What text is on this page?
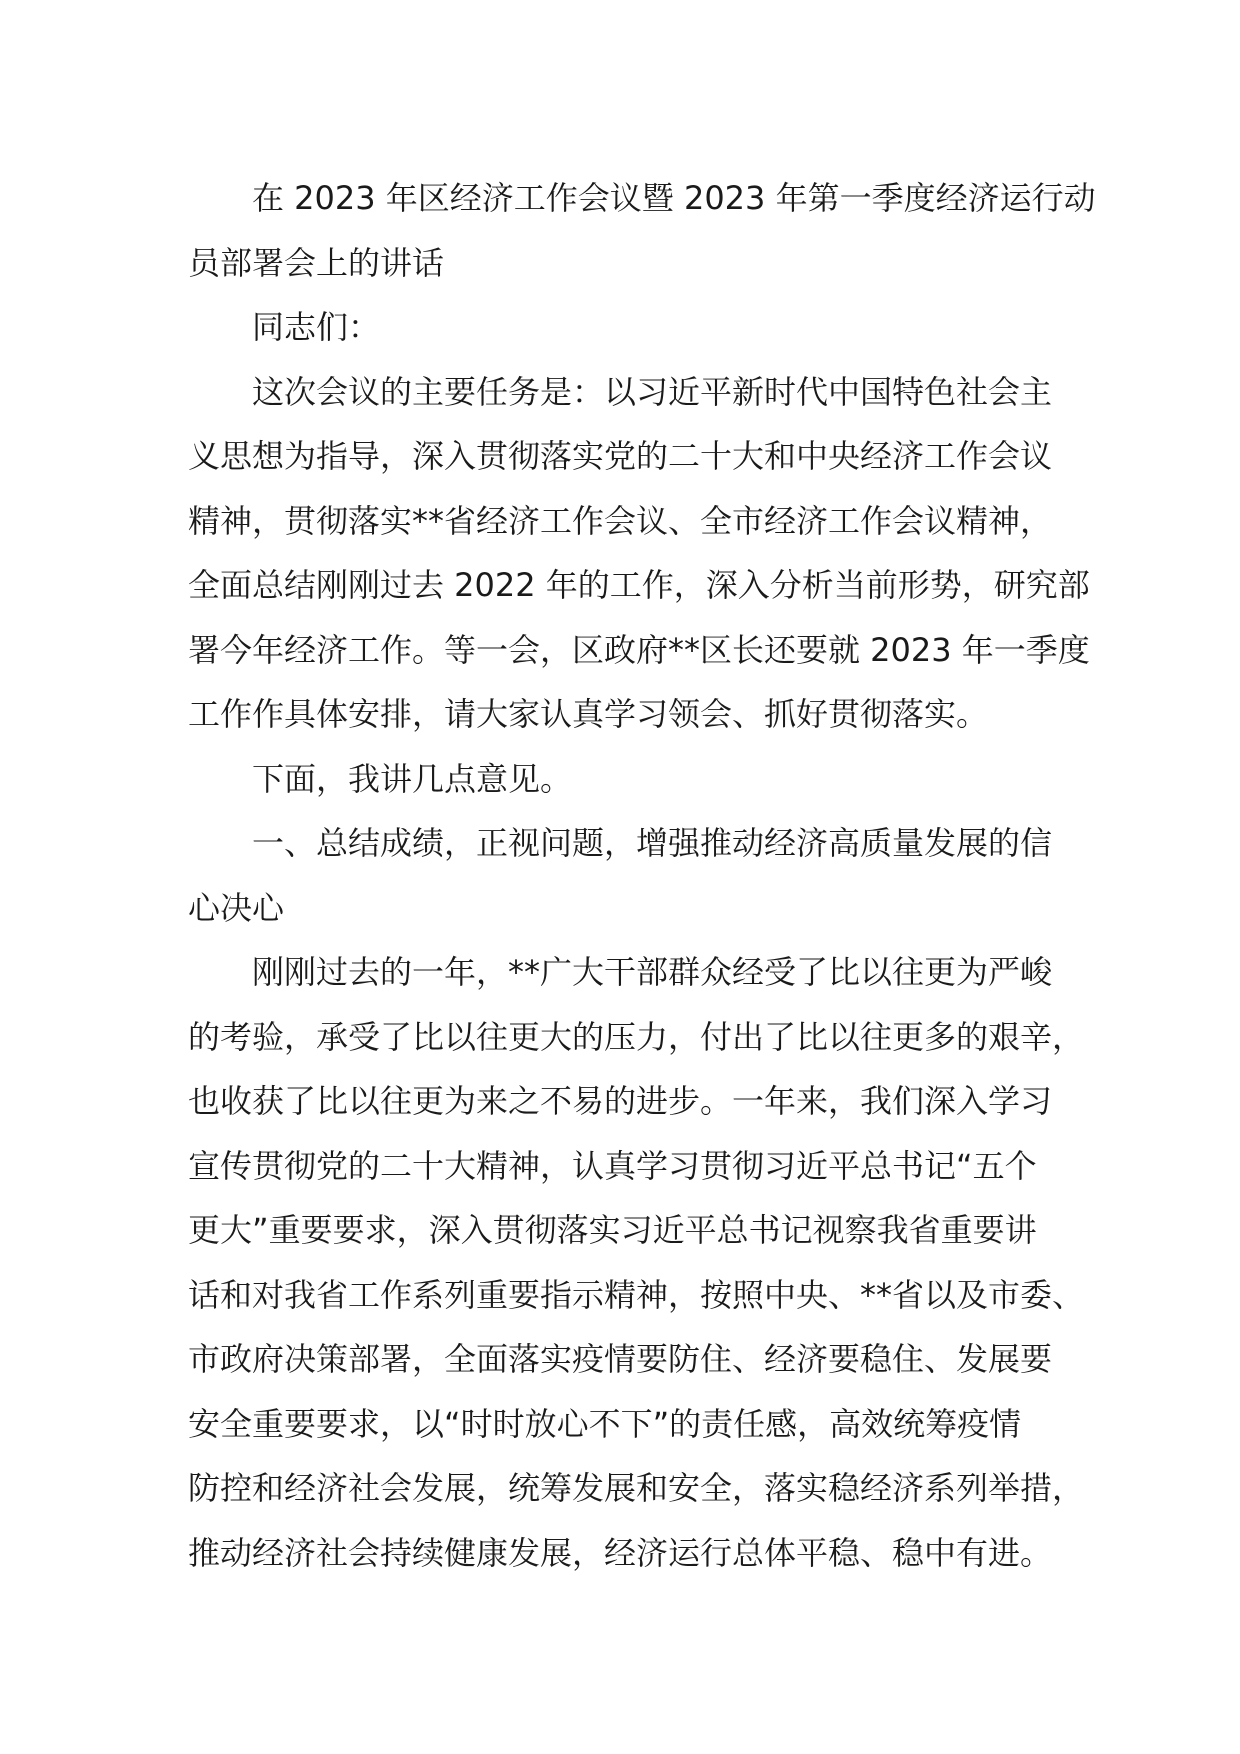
在 2023 年区经济工作会议暨 2023 年第一季度经济运行动
员部署会上的讲话
同志们：
这次会议的主要任务是：以习近平新时代中国特色社会主
义思想为指导，深入贯彻落实党的二十大和中央经济工作会议
精神，贯彻落实**省经济工作会议、全市经济工作会议精神，
全面总结刚刚过去 2022 年的工作，深入分析当前形势，研究部
署今年经济工作。等一会，区政府**区长还要就 2023 年一季度
工作作具体安排，请大家认真学习领会、抓好贯彻落实。
下面，我讲几点意见。
一、总结成绩，正视问题，增强推动经济高质量发展的信
心决心
刚刚过去的一年，**广大干部群众经受了比以往更为严峻
的考验，承受了比以往更大的压力，付出了比以往更多的艰辛，
也收获了比以往更为来之不易的进步。一年来，我们深入学习
宣传贯彻党的二十大精神，认真学习贯彻习近平总书记“五个
更大”重要要求，深入贯彻落实习近平总书记视察我省重要讲
话和对我省工作系列重要指示精神，按照中央、**省以及市委、
市政府决策部署，全面落实疫情要防住、经济要稳住、发展要
安全重要要求，以“时时放心不下”的责任感，高效统筹疫情
防控和经济社会发展，统筹发展和安全，落实稳经济系列举措，
推动经济社会持续健康发展，经济运行总体平稳、稳中有进。
